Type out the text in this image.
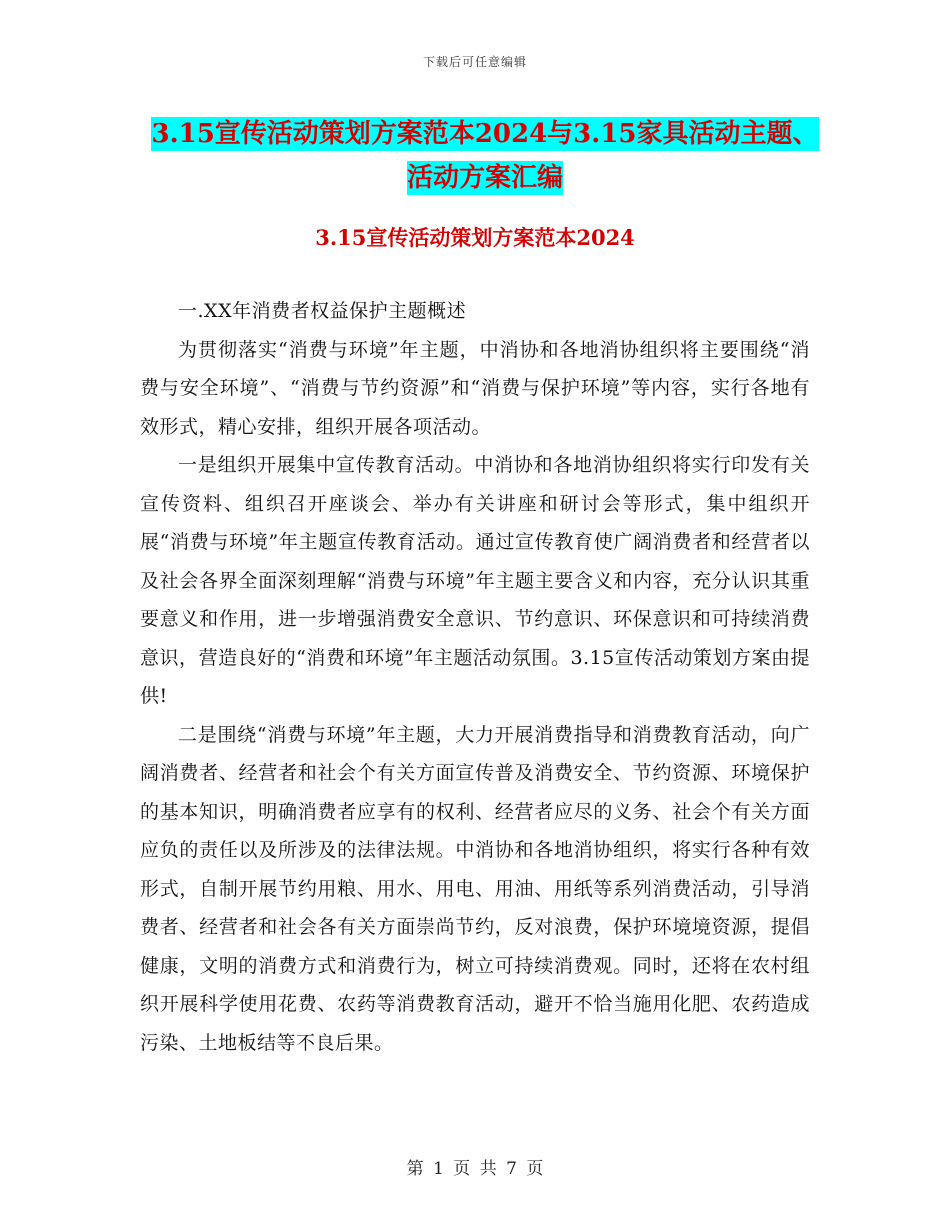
下载后可任意编辑
3.15宣传活动策划方案范本2024与3.15家具活动主题、活动方案汇编
3.15宣传活动策划方案范本2024

一.XX年消费者权益保护主题概述

为贯彻落实“消费与环境”年主题，中消协和各地消协组织将主要围绕“消费与安全环境”、“消费与节约资源”和“消费与保护环境”等内容，实行各地有效形式，精心安排，组织开展各项活动。

一是组织开展集中宣传教育活动。中消协和各地消协组织将实行印发有关宣传资料、组织召开座谈会、举办有关讲座和研讨会等形式，集中组织开展“消费与环境”年主题宣传教育活动。通过宣传教育使广阔消费者和经营者以及社会各界全面深刻理解“消费与环境”年主题主要含义和内容，充分认识其重要意义和作用，进一步增强消费安全意识、节约意识、环保意识和可持续消费意识，营造良好的“消费和环境”年主题活动氛围。3.15宣传活动策划方案由提供!

二是围绕“消费与环境”年主题，大力开展消费指导和消费教育活动，向广阔消费者、经营者和社会个有关方面宣传普及消费安全、节约资源、环境保护的基本知识，明确消费者应享有的权利、经营者应尽的义务、社会个有关方面应负的责任以及所涉及的法律法规。中消协和各地消协组织，将实行各种有效形式，自制开展节约用粮、用水、用电、用油、用纸等系列消费活动，引导消费者、经营者和社会各有关方面崇尚节约，反对浪费，保护环境境资源，提倡健康，文明的消费方式和消费行为，树立可持续消费观。同时，还将在农村组织开展科学使用花费、农药等消费教育活动，避开不恰当施用化肥、农药造成污染、土地板结等不良后果。

第 1 页 共 7 页
